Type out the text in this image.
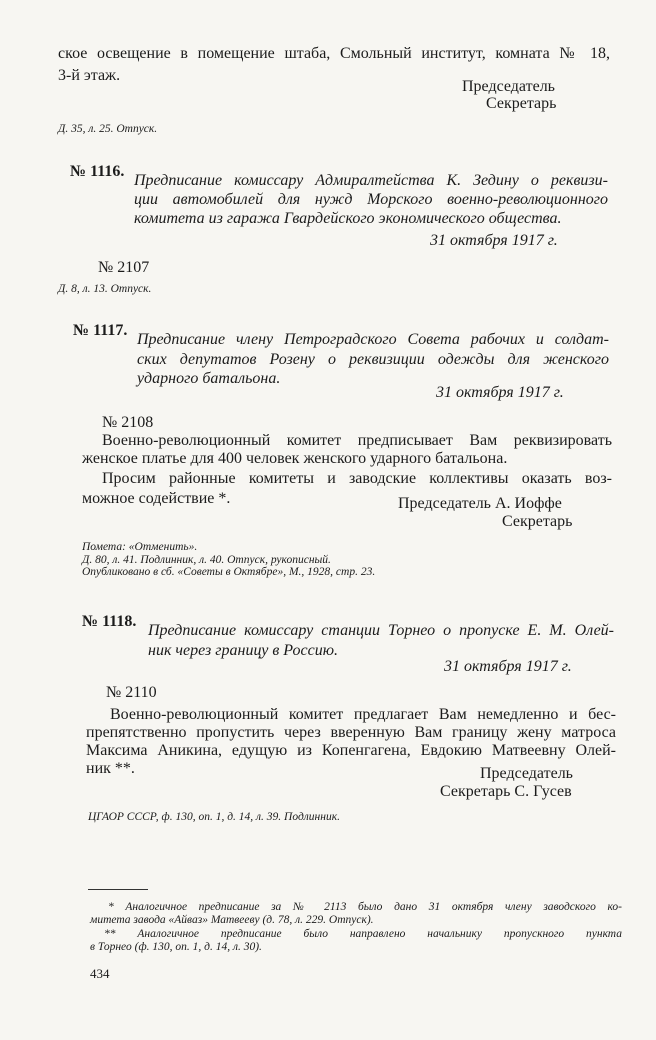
ское освещение в помещение штаба, Смольный институт, комната № 18,
3-й этаж.
Председатель
Секретарь
Д. 35, л. 25. Отпуск.
№ 1116.
Предписание комиссару Адмиралтейства К. Зедину о реквизи-
ции автомобилей для нужд Морского военно-революционного
комитета из гаража Гвардейского экономического общества.
31 октября 1917 г.
№ 2107
Д. 8, л. 13. Отпуск.
№ 1117.
Предписание члену Петроградского Совета рабочих и солдат-
ских депутатов Розену о реквизиции одежды для женского
ударного батальона.
31 октября 1917 г.
№ 2108
Военно-революционный комитет предписывает Вам реквизировать
женское платье для 400 человек женского ударного батальона.
Просим районные комитеты и заводские коллективы оказать воз-
можное содействие *.	Председатель А. Иоффе
Секретарь
Помета: «Отменить».
Д. 80, л. 41. Подлинник, л. 40. Отпуск, рукописный.
Опубликовано в сб. «Советы в Октябре», М., 1928, стр. 23.
№ 1118.
Предписание комиссару станции Торнео о пропуске Е. М. Олей-
ник через границу в Россию.
31 октября 1917 г.
№ 2110
Военно-революционный комитет предлагает Вам немедленно и бес-
препятственно пропустить через вверенную Вам границу жену матроса
Максима Аникина, едущую из Копенгагена, Евдокию Матвеевну Олей-
ник **.	Председатель
Секретарь С. Гусев
ЦГАОР СССР, ф. 130, оп. 1, д. 14, л. 39. Подлинник.
* Аналогичное предписание за № 2113 было дано 31 октября члену заводского ко-
митета завода «Айваз» Матвееву (д. 78, л. 229. Отпуск).
** Аналогичное предписание было направлено начальнику пропускного пункта
в Торнео (ф. 130, оп. 1, д. 14, л. 30).
434
